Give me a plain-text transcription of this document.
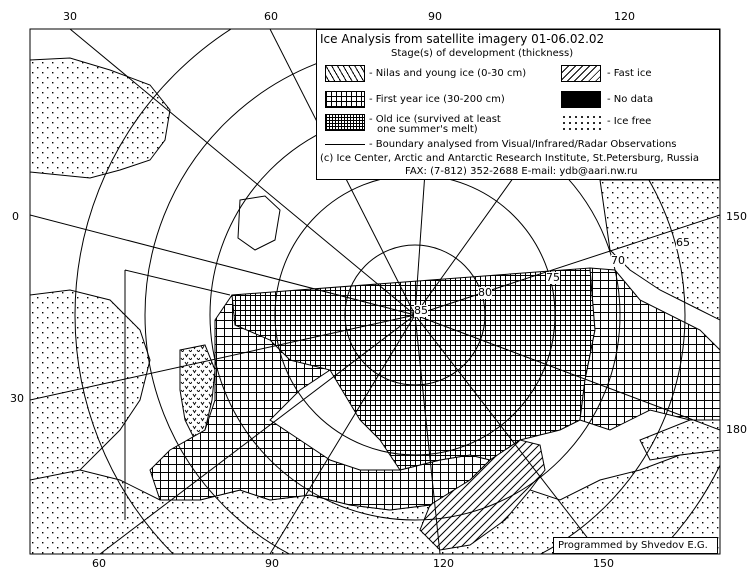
30	60	90	120
60	90	120	150
0
30
150
180
85
80
75
70
65
Ice Analysis from satellite imagery 01-06.02.02
Stage(s) of development (thickness)
- Nilas and young ice (0-30 cm)	- Fast ice
- First year ice (30-200 cm)	- No data
- Old ice (survived at least
one summer's melt)
- Ice free
- Boundary analysed from Visual/Infrared/Radar Observations
(c) Ice Center, Arctic and Antarctic Research Institute, St.Petersburg, Russia
FAX: (7-812) 352-2688 E-mail: ydb@aari.nw.ru
Programmed by Shvedov E.G.
